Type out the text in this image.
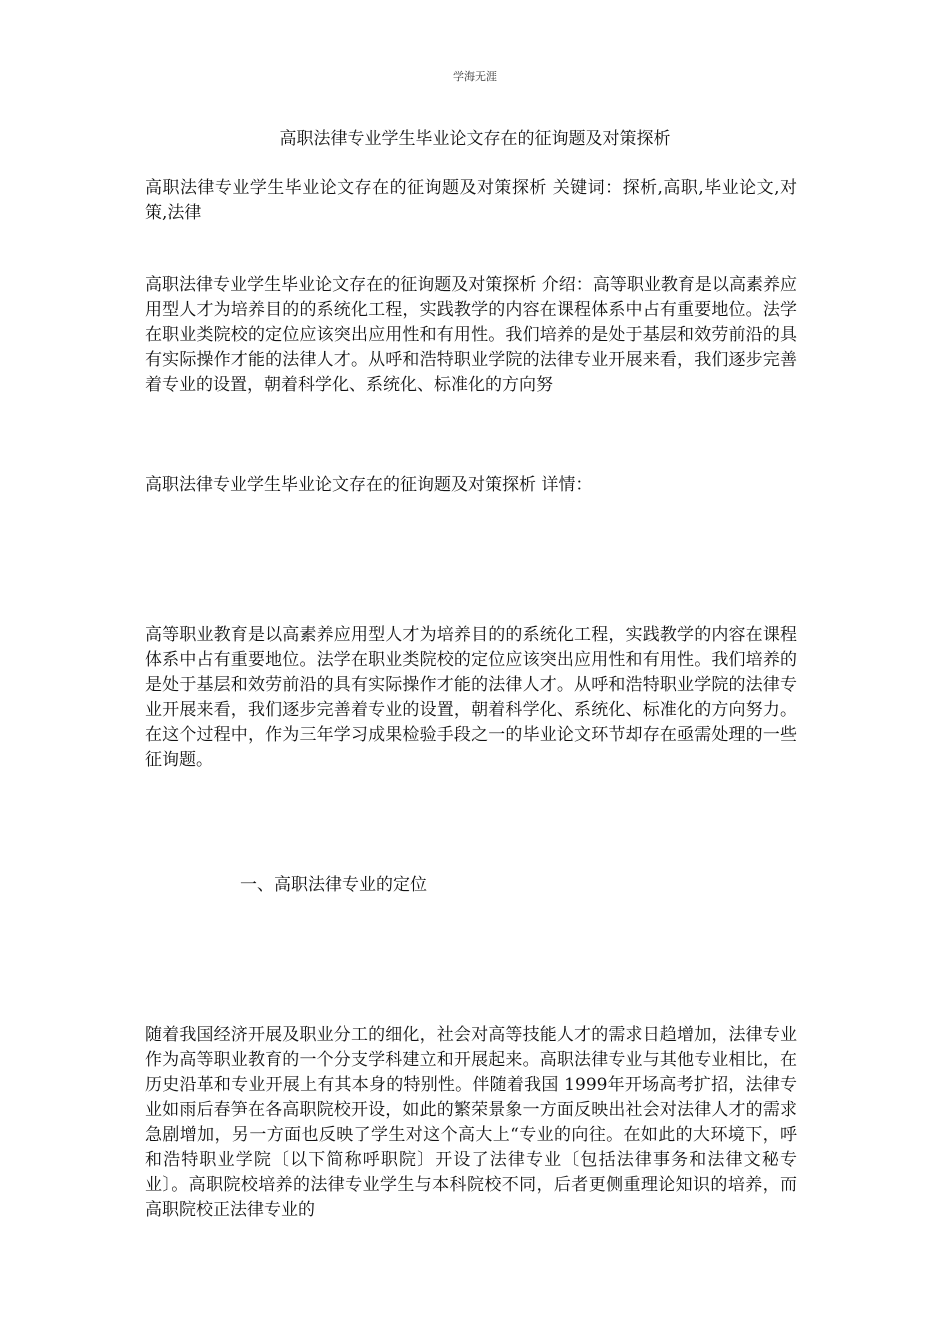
学海无涯
高职法律专业学生毕业论文存在的征询题及对策探析
高职法律专业学生毕业论文存在的征询题及对策探析 关键词：探析,高职,毕业论文,对策,法律
高职法律专业学生毕业论文存在的征询题及对策探析 介绍：高等职业教育是以高素养应用型人才为培养目的的系统化工程，实践教学的内容在课程体系中占有重要地位。法学在职业类院校的定位应该突出应用性和有用性。我们培养的是处于基层和效劳前沿的具有实际操作才能的法律人才。从呼和浩特职业学院的法律专业开展来看，我们逐步完善着专业的设置，朝着科学化、系统化、标准化的方向努
高职法律专业学生毕业论文存在的征询题及对策探析 详情：
高等职业教育是以高素养应用型人才为培养目的的系统化工程，实践教学的内容在课程体系中占有重要地位。法学在职业类院校的定位应该突出应用性和有用性。我们培养的是处于基层和效劳前沿的具有实际操作才能的法律人才。从呼和浩特职业学院的法律专业开展来看，我们逐步完善着专业的设置，朝着科学化、系统化、标准化的方向努力。在这个过程中，作为三年学习成果检验手段之一的毕业论文环节却存在亟需处理的一些征询题。
一、高职法律专业的定位
随着我国经济开展及职业分工的细化，社会对高等技能人才的需求日趋增加，法律专业作为高等职业教育的一个分支学科建立和开展起来。高职法律专业与其他专业相比，在历史沿革和专业开展上有其本身的特别性。伴随着我国 1999年开场高考扩招，法律专业如雨后春笋在各高职院校开设，如此的繁荣景象一方面反映出社会对法律人才的需求急剧增加，另一方面也反映了学生对这个高大上“专业的向往。在如此的大环境下，呼和浩特职业学院〔以下简称呼职院〕开设了法律专业〔包括法律事务和法律文秘专业〕。高职院校培养的法律专业学生与本科院校不同，后者更侧重理论知识的培养，而高职院校正法律专业的
